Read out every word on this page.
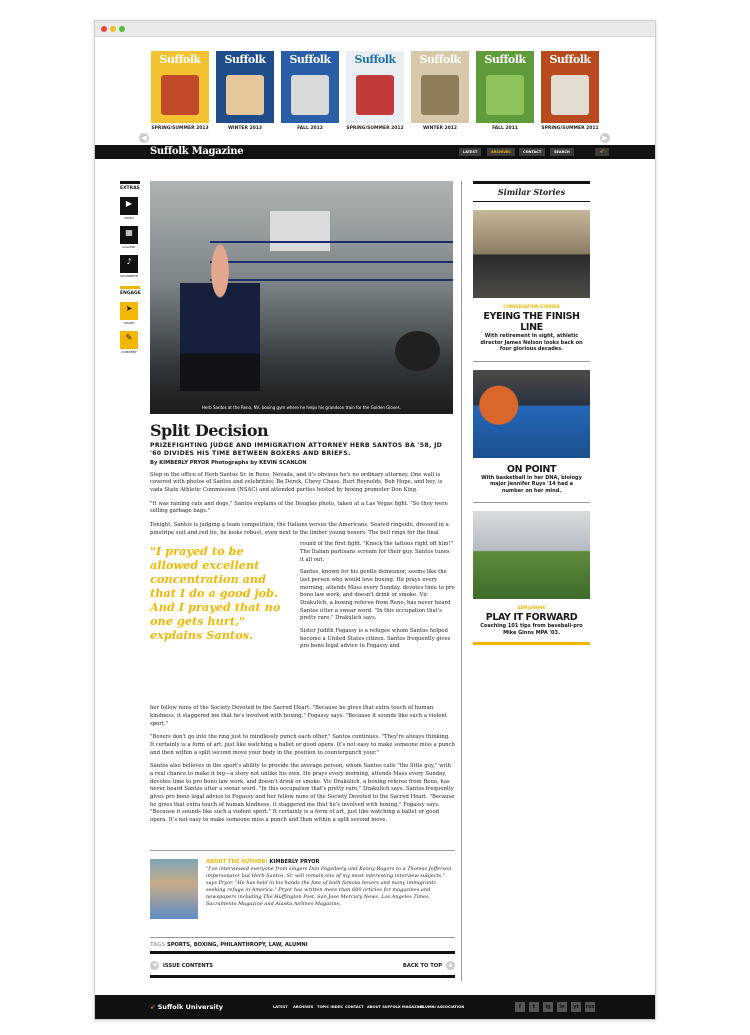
◀	▶
Suffolk
SPRING/SUMMER 2013
Suffolk
WINTER 2013
Suffolk
FALL 2012
Suffolk
SPRING/SUMMER 2012
Suffolk
WINTER 2012
Suffolk
FALL 2011
Suffolk
SPRING/SUMMER 2011
Suffolk Magazine	LATEST	ARCHIVES	CONTACT	SEARCH	➶
EXTRAS
▶
VIDEO
▦
GALLERY
♪
SOUNDBITE
ENGAGE
➤
SHARE
✎
COMMENT
Herb Santos at the Reno, NV, boxing gym where he helps his grandson train for the Golden Gloves.
Split Decision
PRIZEFIGHTING JUDGE AND IMMIGRATION ATTORNEY HERB SANTOS BA '58, JD '60 DIVIDES HIS TIME BETWEEN BOXERS AND BRIEFS.
By KIMBERLY PRYOR Photographs by KEVIN SCANLON
Step in the office of Herb Santos Sr. in Reno, Nevada, and it's obvious he's no ordinary attorney. One wall is covered with photos of Santos and celebrities: Bo Derek, Chevy Chase, Burt Reynolds, Bob Hope, and hey, is vada State Athletic Commission (NSAC) and attended parties hosted by boxing promoter Don King.
"It was raining cats and dogs," Santos explains of the Douglas photo, taken at a Las Vegas fight. "So they were selling garbage bags."
Tonight, Santos is judging a team competition, the Italians versus the Americans. Seated ringside, dressed in a pinstripe suit and red tie, he looks robust, even next to the limber young boxers. The bell rings for the final
"I prayed to be allowed excellent concentration and that I do a good job. And I prayed that no one gets hurt," explains Santos.
round of the first fight. "Knock the tattoos right off him!" The Italian partisans scream for their guy. Santos tunes it all out.
Santos, known for his gentle demeanor, seems like the last person who would love boxing. He prays every morning, attends Mass every Sunday, devotes time to pro bono law work, and doesn't drink or smoke. Vic Drakulich, a boxing referee from Reno, has never heard Santos utter a swear word. "In this occupation that's pretty rare," Drakulich says.
Sister Judith Fogassy is a refugee whom Santos helped become a United States citizen. Santos frequently gives pro bono legal advice to Fogassy and
her fellow nuns of the Society Devoted to the Sacred Heart. "Because he gives that extra touch of human kindness, it staggered me that he's involved with boxing," Fogassy says. "Because it sounds like such a violent sport."
"Boxers don't go into the ring just to mindlessly punch each other," Santos continues. "They're always thinking. It certainly is a form of art, just like watching a ballet or good opera. It's not easy to make someone miss a punch and then within a split second move your body in the position to counterpunch your."
Santos also believes in the sport's ability to provide the average person, whom Santos calls "the little guy," with a real chance to make it big—a story not unlike his own. He prays every morning, attends Mass every Sunday, devotes time to pro bono law work, and doesn't drink or smoke. Vic Drakulich, a boxing referee from Reno, has never heard Santos utter a swear word. "In this occupation that's pretty rare," Drakulich says. Santos frequently gives pro bono legal advice to Fogassy and her fellow nuns of the Society Devoted to the Sacred Heart. "Because he gives that extra touch of human kindness, it staggered me that he's involved with boxing," Fogassy says. "Because it sounds like such a violent sport." It certainly is a form of art, just like watching a ballet or good opera. It's not easy to make someone miss a punch and then within a split second move.
ABOUT THE AUTHOR: KIMBERLY PRYOR
"I've interviewed everyone from singers Dan Fogelberg and Kenny Rogers to a Thomas Jefferson impersonator but Herb Santos, Sr. will remain one of my most interesting interview subjects," says Pryor. "He has held in his hands the fate of both famous boxers and many immigrants seeking refuge in America." Pryor has written more than 600 articles for magazines and newspapers including The Huffington Post, San Jose Mercury News, Los Angeles Times, Sacramento Magazine and Alaska Airlines Magazine.
TAGS SPORTS, BOXING, PHILANTHROPY, LAW, ALUMNI
◀ ISSUE CONTENTS	BACK TO TOP ▲
Similar Stories
CONVERSATION STARTER
EYEING THE FINISH LINE
With retirement in sight, athletic director James Nelson looks back on four glorious decades.
ON POINT
With basketball in her DNA, biology major Jennifer Ruys '14 had a number on her mind.
SAM@WORK
PLAY IT FORWARD
Coaching 101 tips from baseball-pro Mike Ginns MPA '03.
➶ Suffolk University	LATEST ARCHIVES TOPIC INDEX CONTACT ABOUT SUFFOLK MAGAZINE
ALUMNI ASSOCIATION	f	t	ig	in	yt	rss
